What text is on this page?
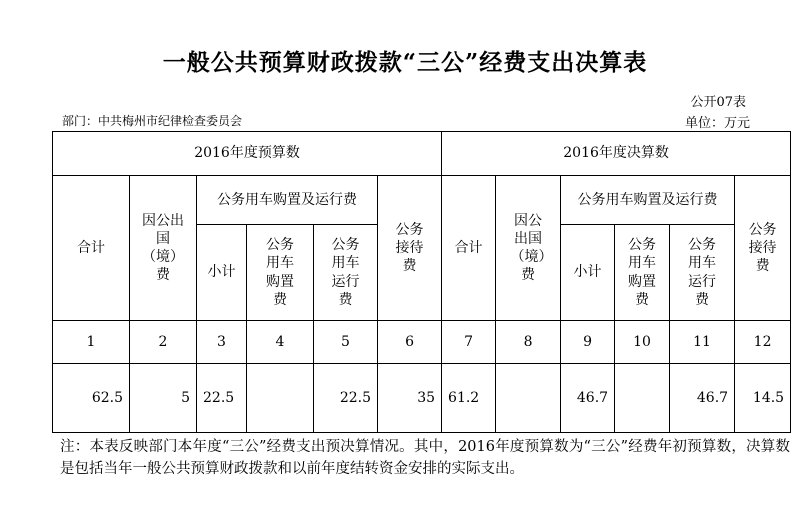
一般公共预算财政拨款“三公”经费支出决算表
公开07表
部门：中共梅州市纪律检查委员会	单位：万元
2016年度预算数						2016年度决算数					
合计	因公出国（境）费	公务用车购置及运行费			公务接待费	合计	因公出国（境）费	公务用车购置及运行费			公务接待费
		小计	公务用车购置费	公务用车运行费				小计	公务用车购置费	公务用车运行费	
1	2	3	4	5	6	7	8	9	10	11	12
62.5	5	22.5		22.5	35	61.2		46.7		46.7	14.5
注：本表反映部门本年度“三公”经费支出预决算情况。其中，2016年度预算数为“三公”经费年初预算数，决算数是包括当年一般公共预算财政拨款和以前年度结转资金安排的实际支出。
